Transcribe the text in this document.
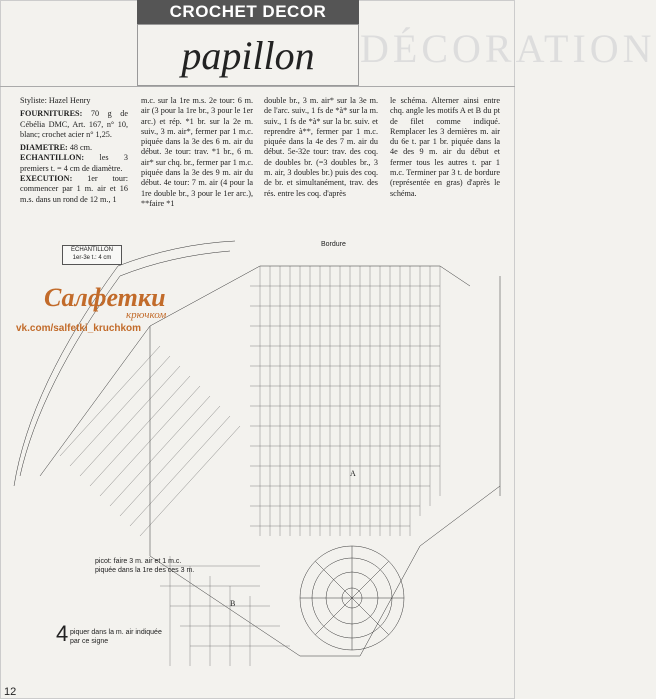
CROCHET DECOR
papillon DÉCORATION

Styliste: Hazel Henry

FOURNITURES: 70 g de Cébélia DMC, Art. 167, n° 10, blanc; crochet acier n° 1,25.

DIAMETRE: 48 cm.

ECHANTILLON: les 3 premiers t. = 4 cm de diamètre.

EXECUTION: 1er tour: commencer par 1 m. air et 16 m.s. dans un rond de 12 m., 1

m.c. sur la 1re m.s. 2e tour: 6 m. air (3 pour la 1re br., 3 pour le 1er arc.) et rép. *1 br. sur la 2e m. suiv., 3 m. air*, fermer par 1 m.c. piquée dans la 3e des 6 m. air du début. 3e tour: trav. *1 br., 6 m. air* sur chq. br., fermer par 1 m.c. piquée dans la 3e des 9 m. air du début. 4e tour: 7 m. air (4 pour la 1re double br., 3 pour le 1er arc.), **faire *1
double br., 3 m. air* sur la 3e m. de l'arc. suiv., 1 fs de *à* sur la m. suiv., 1 fs de *à* sur la br. suiv. et reprendre à**, fermer par 1 m.c. piquée dans la 4e des 7 m. air du début. 5e-32e tour: trav. des coq. de doubles br. (=3 doubles br., 3 m. air, 3 doubles br.) puis des coq. de br. et simultanément, trav. des rés. entre les coq. d'après
le schéma. Alterner ainsi entre chq. angle les motifs A et B du pt de filet comme indiqué. Remplacer les 3 dernières m. air du 6e t. par 1 br. piquée dans la 4e des 9 m. air du début et fermer tous les autres t. par 1 m.c. Terminer par 3 t. de bordure (représentée en gras) d'après le schéma.
Bordure
A
B
ECHANTILLON
1er-3e t.: 4 cm
Салфетки
крючком
vk.com/salfetki_kruchkom
picot: faire 3 m. air et 1 m.c. piquée dans la 1re des ces 3 m.
4 piquer dans la m. air indiquée par ce signe
12
